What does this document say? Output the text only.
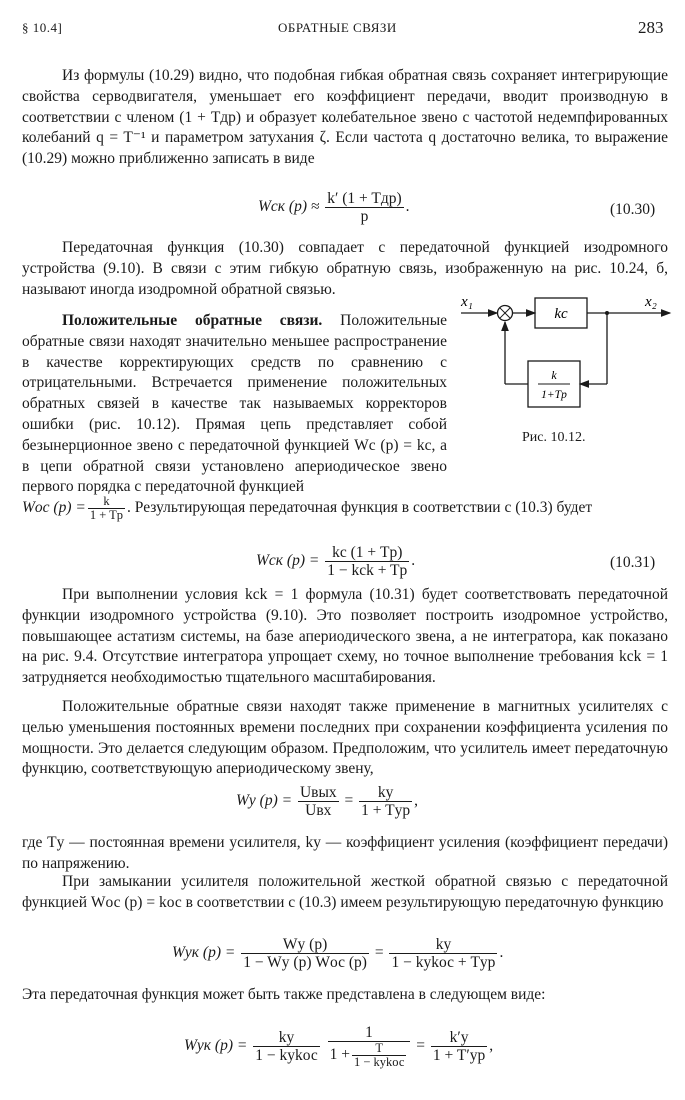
§ 10.4]	ОБРАТНЫЕ СВЯЗИ	283
Из формулы (10.29) видно, что подобная гибкая обратная связь сохраняет интегрирующие свойства серводвигателя, уменьшает его коэффициент передачи, вводит производную в соответствии с членом (1 + Tдp) и образует колебательное звено с частотой недемпфированных колебаний q = T⁻¹ и параметром затухания ζ. Если частота q достаточно велика, то выражение (10.29) можно приближенно записать в виде
Wск $(p) \approx \frac{\text{k′ (1 + Tдp)}}{p}$ .	(10.30)
Передаточная функция (10.30) совпадает с передаточной функцией изодромного устройства (9.10). В связи с этим гибкую обратную связь, изображенную на рис. 10.24, б, называют иногда изодромной обратной связью.
Положительные обратные связи. Положительные обратные связи находят значительно меньшее распространение в качестве корректирующих средств по сравнению с отрицательными. Встречается применение положительных обратных связей в качестве так называемых корректоров ошибки (рис. 10.12). Прямая цепь представляет собой безынерционное звено с передаточной функцией Wс (p) = kс, а в цепи обратной связи установлено апериодическое звено первого порядка с передаточной функцией
x₁	x₂
kс
k
1+Tp
Рис. 10.12.
Wос $(p) = \frac{k}{1 + Tp}$ . Результирующая передаточная функция в соответствии с (10.3) будет
Wск $(p) = \frac{kс (1 + Tp)}{\text{1 − kсk + Tp}}$ .	(10.31)
При выполнении условия kсk = 1 формула (10.31) будет соответствовать передаточной функции изодромного устройства (9.10). Это позволяет построить изодромное устройство, повышающее астатизм системы, на базе апериодического звена, а не интегратора, как показано на рис. 9.4. Отсутствие интегратора упрощает схему, но точное выполнение требования kсk = 1 затрудняется необходимостью тщательного масштабирования.
Положительные обратные связи находят также применение в магнитных усилителях с целью уменьшения постоянных времени последних при сохранении коэффициента усиления по мощности. Это делается следующим образом. Предположим, что усилитель имеет передаточную функцию, соответствующую апериодическому звену,
Wу $(p) = \frac{\text{Uвых}}{\text{Uвх}} = \frac{kу}{\text{1 + Tуp}}$ ,
где Tу — постоянная времени усилителя, kу — коэффициент усиления (коэффициент передачи) по напряжению.
При замыкании усилителя положительной жесткой обратной связью с передаточной функцией Wос (p) = kос в соответствии с (10.3) имеем результирующую передаточную функцию
Wук $(p) = \frac{Wу (p)}{\text{1 − Wу (p) Wос (p)}} = \frac{kу}{\text{1 − kуkос + Tуp}}$ .
Эта передаточная функция может быть также представлена в следующем виде:
Wук $(p) = \frac{kу}{\text{1 − kуkос}}$
$\frac{1}{1 + \frac{T}{\text{1 − kуkос}}} = \frac{k'у}{1 + T'уp}$ ,
